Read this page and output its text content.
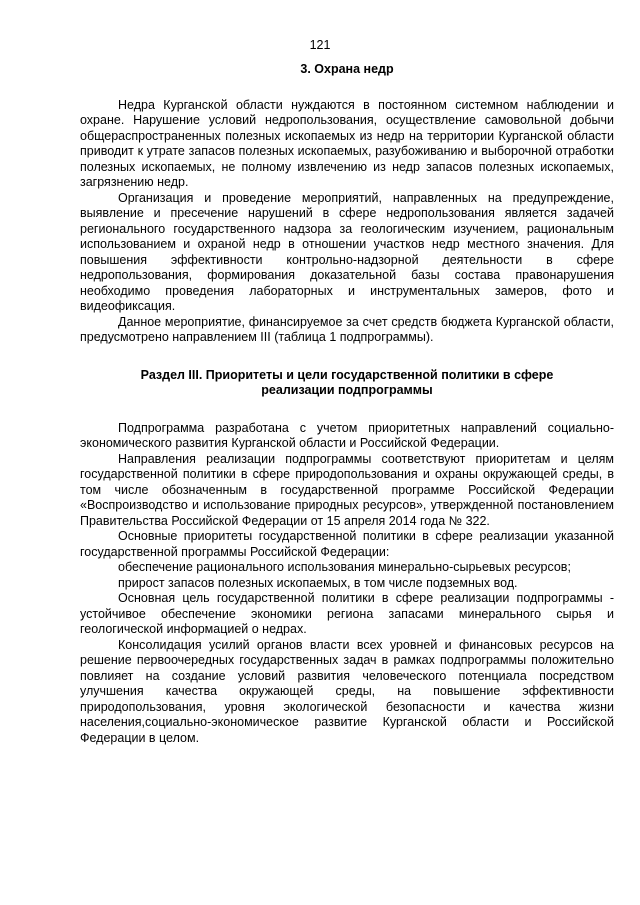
121

3. Охрана недр

Недра Курганской области нуждаются в постоянном системном наблюдении и охране. Нарушение условий недропользования, осуществление самовольной добычи общераспространенных полезных ископаемых из недр на территории Курганской области приводит к утрате запасов полезных ископаемых, разубоживанию и выборочной отработки полезных ископаемых, не полному извлечению из недр запасов полезных ископаемых, загрязнению недр.

Организация и проведение мероприятий, направленных на предупреждение, выявление и пресечение нарушений в сфере недропользования является задачей регионального государственного надзора за геологическим изучением, рациональным использованием и охраной недр в отношении участков недр местного значения. Для повышения эффективности контрольно-надзорной деятельности в сфере недропользования, формирования доказательной базы состава правонарушения необходимо проведения лабораторных и инструментальных замеров, фото и видеофиксация.

Данное мероприятие, финансируемое за счет средств бюджета Курганской области, предусмотрено направлением III (таблица 1 подпрограммы).

Раздел III. Приоритеты и цели государственной политики в сфере
реализации подпрограммы

Подпрограмма разработана с учетом приоритетных направлений социально-экономического развития Курганской области и Российской Федерации.

Направления реализации подпрограммы соответствуют приоритетам и целям государственной политики в сфере природопользования и охраны окружающей среды, в том числе обозначенным в государственной программе Российской Федерации «Воспроизводство и использование природных ресурсов», утвержденной постановлением Правительства Российской Федерации от 15 апреля 2014 года № 322.

Основные приоритеты государственной политики в сфере реализации указанной государственной программы Российской Федерации:

обеспечение рационального использования минерально-сырьевых ресурсов;

прирост запасов полезных ископаемых, в том числе подземных вод.

Основная цель государственной политики в сфере реализации подпрограммы - устойчивое обеспечение экономики региона запасами минерального сырья и геологической информацией о недрах.

Консолидация усилий органов власти всех уровней и финансовых ресурсов на решение первоочередных государственных задач в рамках подпрограммы положительно повлияет на создание условий развития человеческого потенциала посредством улучшения качества окружающей среды, на повышение эффективности природопользования, уровня экологической безопасности и качества жизни населения,социально-экономическое развитие Курганской области и Российской Федерации в целом.
